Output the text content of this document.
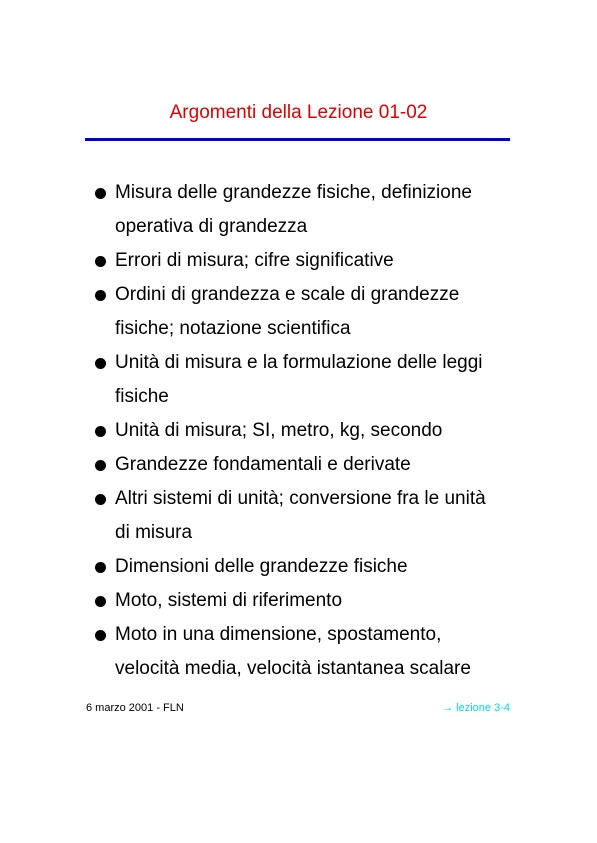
Argomenti della Lezione 01-02
Misura delle grandezze fisiche, definizione
operativa di grandezza
Errori di misura; cifre significative
Ordini di grandezza e scale di grandezze
fisiche; notazione scientifica
Unità di misura e la formulazione delle leggi
fisiche
Unità di misura; SI, metro, kg, secondo
Grandezze fondamentali e derivate
Altri sistemi di unità; conversione fra le unità
di misura
Dimensioni delle grandezze fisiche
Moto, sistemi di riferimento
Moto in una dimensione, spostamento,
velocità media, velocità istantanea scalare
6 marzo 2001 - FLN	→ lezione 3-4
